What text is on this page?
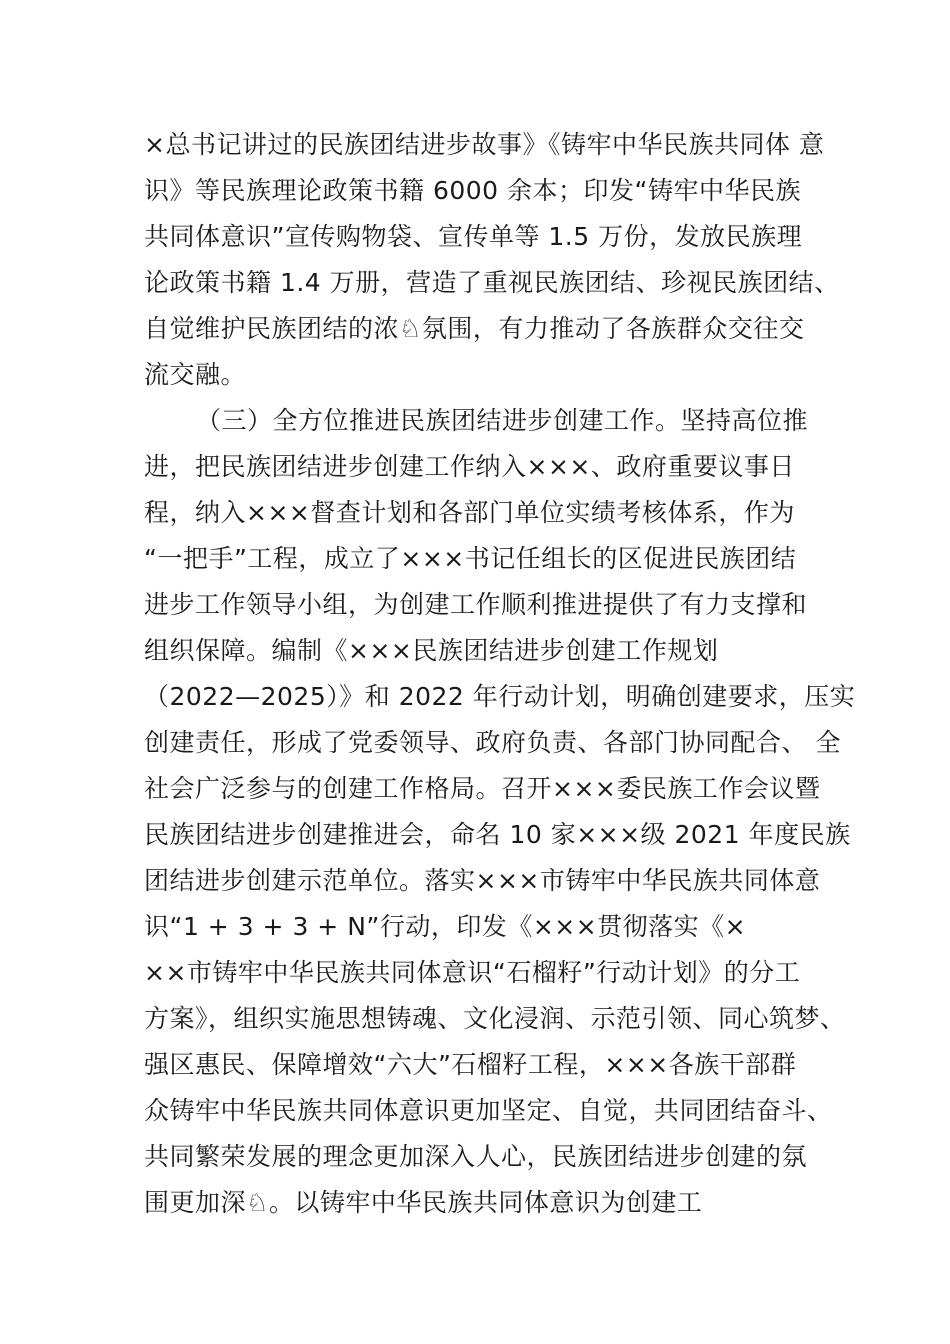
×总书记讲过的民族团结进步故事》《铸牢中华民族共同体 意
识》等民族理论政策书籍 6000 余本；印发“铸牢中华民族
共同体意识”宣传购物袋、宣传单等 1.5 万份，发放民族理
论政策书籍 1.4 万册，营造了重视民族团结、珍视民族团结、
自觉维护民族团结的浓♘氛围，有力推动了各族群众交往交
流交融。
（三）全方位推进民族团结进步创建工作。坚持高位推
进，把民族团结进步创建工作纳入×××、政府重要议事日
程，纳入×××督查计划和各部门单位实绩考核体系，作为
“一把手”工程，成立了×××书记任组长的区促进民族团结
进步工作领导小组，为创建工作顺利推进提供了有力支撑和
组织保障。编制《×××民族团结进步创建工作规划
（2022—2025）》和 2022 年行动计划，明确创建要求，压实
创建责任，形成了党委领导、政府负责、各部门协同配合、 全
社会广泛参与的创建工作格局。召开×××委民族工作会议暨
民族团结进步创建推进会，命名 10 家×××级 2021 年度民族
团结进步创建示范单位。落实×××市铸牢中华民族共同体意
识“1 + 3 + 3 + N”行动，印发《×××贯彻落实《×
××市铸牢中华民族共同体意识“石榴籽”行动计划》的分工
方案》，组织实施思想铸魂、文化浸润、示范引领、同心筑梦、
强区惠民、保障增效“六大”石榴籽工程，×××各族干部群
众铸牢中华民族共同体意识更加坚定、自觉，共同团结奋斗、
共同繁荣发展的理念更加深入人心，民族团结进步创建的氛
围更加深♘。以铸牢中华民族共同体意识为创建工
